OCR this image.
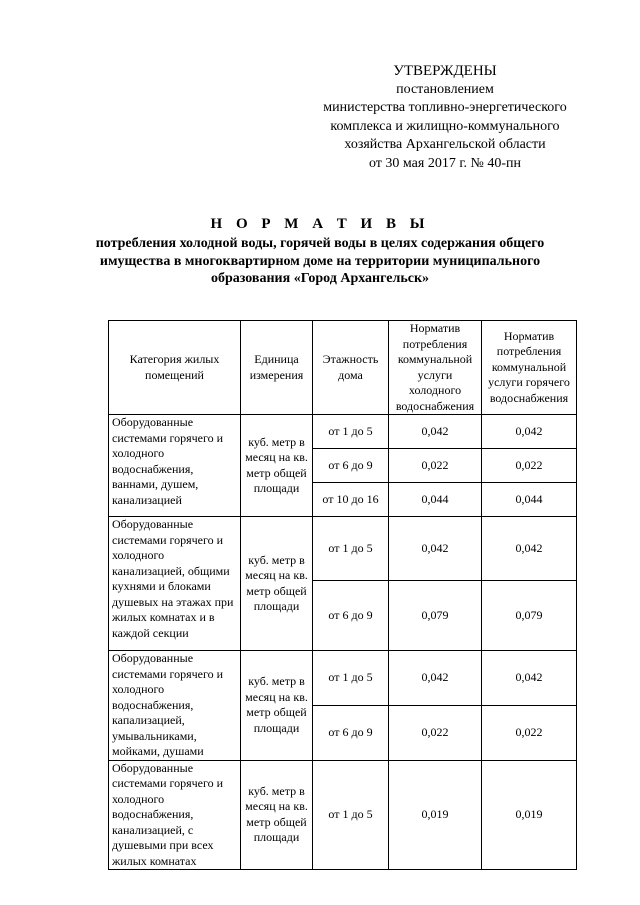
УТВЕРЖДЕНЫ
постановлением
министерства топливно-энергетического
комплекса и жилищно-коммунального
хозяйства Архангельской области
от 30 мая 2017 г. № 40-пн
Н О Р М А Т И В Ы
потребления холодной воды, горячей воды в целях содержания общего имущества в многоквартирном доме на территории муниципального образования «Город Архангельск»
Категория жилых помещений	Единица измерения	Этажность дома	Норматив потребления коммунальной услуги холодного водоснабжения	Норматив потребления коммунальной услуги горячего водоснабжения
Оборудованные системами горячего и холодного водоснабжения, ваннами, душем, канализацией	куб. метр в месяц на кв. метр общей площади	от 1 до 5	0,042	0,042
		от 6 до 9	0,022	0,022
		от 10 до 16	0,044	0,044
Оборудованные системами горячего и холодного канализацией, общими кухнями и блоками душевых на этажах при жилых комнатах и в каждой секции	куб. метр в месяц на кв. метр общей площади	от 1 до 5	0,042	0,042
		от 6 до 9	0,079	0,079
Оборудованные системами горячего и холодного водоснабжения, капализацией, умывальниками, мойками, душами	куб. метр в месяц на кв. метр общей площади	от 1 до 5	0,042	0,042
		от 6 до 9	0,022	0,022
Оборудованные системами горячего и холодного водоснабжения, канализацией, с душевыми при всех жилых комнатах	куб. метр в месяц на кв. метр общей площади	от 1 до 5	0,019	0,019
